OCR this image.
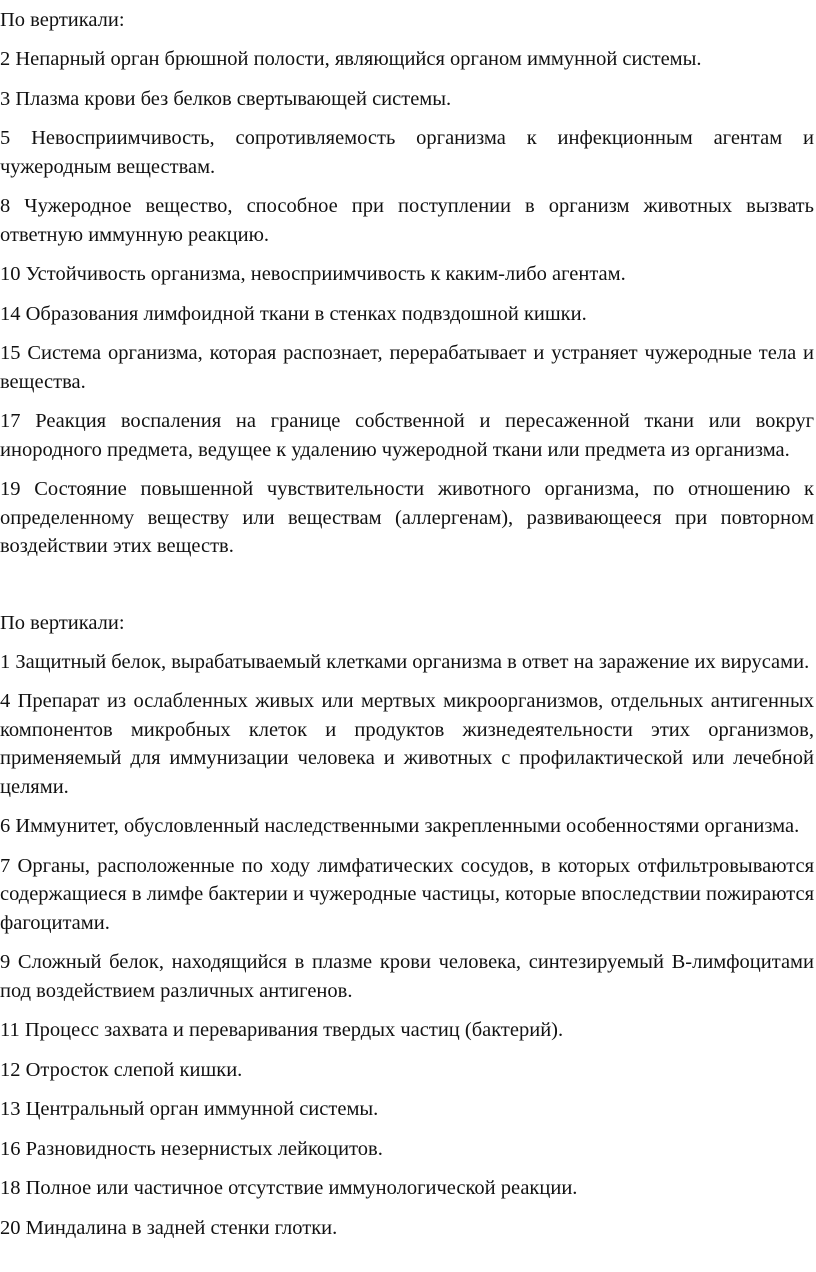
По вертикали:

2 Непарный орган брюшной полости, являющийся органом иммунной системы.

3 Плазма крови без белков свертывающей системы.

5 Невосприимчивость, сопротивляемость организма к инфекционным агентам и чужеродным веществам.

8 Чужеродное вещество, способное при поступлении в организм животных вызвать ответную иммунную реакцию.

10 Устойчивость организма, невосприимчивость к каким-либо агентам.

14 Образования лимфоидной ткани в стенках подвздошной кишки.

15 Система организма, которая распознает, перерабатывает и устраняет чужеродные тела и вещества.

17 Реакция воспаления на границе собственной и пересаженной ткани или вокруг инородного предмета, ведущее к удалению чужеродной ткани или предмета из организма.

19 Состояние повышенной чувствительности животного организма, по отношению к определенному веществу или веществам (аллергенам), развивающееся при повторном воздействии этих веществ.

По вертикали:

1 Защитный белок, вырабатываемый клетками организма в ответ на заражение их вирусами.

4 Препарат из ослабленных живых или мертвых микроорганизмов, отдельных антигенных компонентов микробных клеток и продуктов жизнедеятельности этих организмов, применяемый для иммунизации человека и животных с профилактической или лечебной целями.

6 Иммунитет, обусловленный наследственными закрепленными особенностями организма.

7 Органы, расположенные по ходу лимфатических сосудов, в которых отфильтровываются содержащиеся в лимфе бактерии и чужеродные частицы, которые впоследствии пожираются фагоцитами.

9 Сложный белок, находящийся в плазме крови человека, синтезируемый В-лимфоцитами под воздействием различных антигенов.

11 Процесс захвата и переваривания твердых частиц (бактерий).

12 Отросток слепой кишки.

13 Центральный орган иммунной системы.

16 Разновидность незернистых лейкоцитов.

18 Полное или частичное отсутствие иммунологической реакции.

20 Миндалина в задней стенки глотки.
